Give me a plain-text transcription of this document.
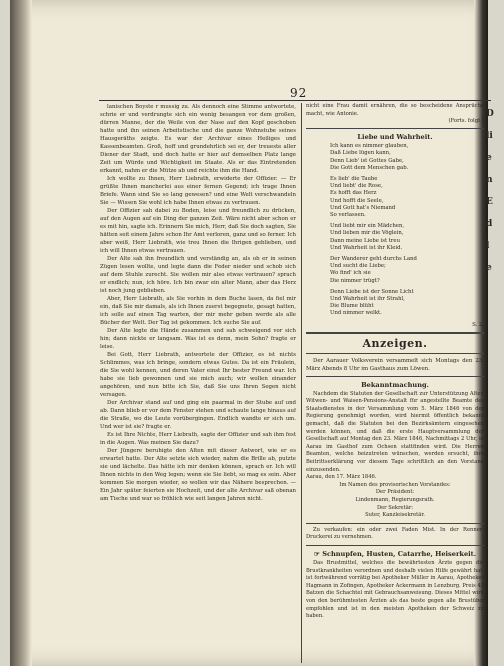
92

lanischen Boyste r mussig zu. Als dennoch eine Stimme antwortete, schrie er und verdrungte sich ein wenig besangen vor dem großen, dürren Manne, der die Weile von der Nase auf den Kopf geschoben hatte und ihn seinen Arbeitstische und die ganze Wohnstube seines Hausgeräths zeigte. Es war der Archivar eines Heiliges und Kassenbeamten. Groß, hoff und grundehrlich sei er, der treueste aller Diener der Stadt, und doch hatte er hier auf demselben Platz lange Zeit um Würde und Wichtigkeit im Staate. Als er das Eintretenden erkannt, nahm er die Mütze ab und reichte ihm die Hand.

Ich wollte zu Ihnen, Herr Liebrath, erwiderte der Offizier. — Er grüßte Ihnen mancherlei aus einer fernen Gegend; ich trage Ihnen Briefe. Wann sind Sie so lang gewesen? und eine Welt verschwandeln Sie — Wissen Sie wohl ich habe Ihnen etwas zu vertrauen.

Der Offizier sah dabei zu Boden, leise und freundlich zu drücken, auf den Augen auf ein Ding der ganzen Zeit. Wäre nicht aber schon er es mit hin, sagte ich. Erinnern Sie mich, Herr, daß Sie doch sagten, Sie hätten seit einem Jahre schon Ihr Amt verloren, ganz und so ferner. Ich aber weiß, Herr Liebrath, wie treu Ihnen die Ihrigen geblieben, und ich will Ihnen etwas vertrauen.

Der Alte sah ihn freundlich und verständig an, als ob er in seinen Zügen lesen wollte, und legte dann die Feder nieder und schob sich auf dem Stuhle zurecht. Sie wollen mir also etwas vertrauen? sprach er endlich; nun, ich höre. Ich bin zwar ein alter Mann, aber das Herz ist noch jung geblieben.

Aber, Herr Liebrath, als Sie vorhin in dem Buche lasen, da fiel mir ein, daß Sie mir damals, als ich Ihnen zuerst begegnete, gesagt hatten, ich solle auf einen Tag warten, der mir mehr geben werde als alle Bücher der Welt. Der Tag ist gekommen. Ich suche Sie auf.

Der Alte legte die Hände zusammen und sah schweigend vor sich hin; dann nickte er langsam. Was ist es denn, mein Sohn? fragte er leise.

Bei Gott, Herr Liebrath, antwortete der Offizier, es ist nichts Schlimmes, was ich bringe, sondern etwas Gutes. Da ist ein Fräulein, die Sie wohl kennen, und deren Vater einst Ihr bester Freund war. Ich habe sie lieb gewonnen und sie mich auch; wir wollen einander angehören, und nun bitte ich Sie, daß Sie uns Ihren Segen nicht versagen.

Der Archivar stand auf und ging ein paarmal in der Stube auf und ab. Dann blieb er vor dem Fenster stehen und schaute lange hinaus auf die Straße, wo die Leute vorübergingen. Endlich wandte er sich um. Und wer ist sie? fragte er.

Es ist Ihre Nichte, Herr Liebrath, sagte der Offizier und sah ihm fest in die Augen. Was meinen Sie dazu?

Der Jüngere beruhigte den Alten mit dieser Antwort, wie er es erwartet hatte. Der Alte setzte sich wieder, nahm die Brille ab, putzte sie und lächelte. Das hätte ich mir denken können, sprach er. Ich will Ihnen nichts in den Weg legen; wenn sie Sie liebt, so mag es sein. Aber kommen Sie morgen wieder, so wollen wir das Nähere besprechen. — Ein Jahr später feierten sie Hochzeit, und der alte Archivar saß obenan am Tische und war so fröhlich wie seit langen Jahren nicht.

nicht eine Frau damit ernähren, die so bescheidene Ansprüche macht, wie Antonie.

(Forts. folgt.)

Liebe und Wahrheit.
Ich kann es nimmer glauben,
Daß Liebe lügen kann,
Denn Lieb' ist Gottes Gabe,
Die Gott dem Menschen gab.
Es lieb' die Taube
Und liebt' die Rose,
Es hofft das Herz
Und hofft die Seele,
Und Gott hat's Niemand
So verlassen.
Und liebt mir ein Mädchen,
Und lieben mir die Vöglein,
Dann meine Liebe ist treu
Und Wahrheit ist ihr Kleid.
Der Wanderer geht durchs Land
Und sucht die Liebe;
Wo find' ich sie
Die nimmer trügt?
Denn Liebe ist der Sonne Licht
Und Wahrheit ist ihr Strahl,
Die Blume blüht
Und nimmer welkt.
S. 2.
Anzeigen.

Der Aarauer Volksverein versammelt sich Montags den 23. März Abends 8 Uhr im Gasthaus zum Löwen.

Bekanntmachung.

Nachdem die Statuten der Gesellschaft zur Unterstützung Alter, Witwen- und Waisen-Pensions-Anstalt für angestellte Beamte des Staatsdienstes in der Versammlung vom 5. März 1846 von der Regierung genehmigt worden, wird hiermit öffentlich bekannt gemacht, daß die Statuten bei den Bezirksämtern eingesehen werden können, und daß die erste Hauptversammlung der Gesellschaft auf Montag den 23. März 1846, Nachmittags 2 Uhr, in Aarau im Gasthof zum Ochsen stattfinden wird. Die Herren Beamten, welche beizutreten wünschen, werden ersucht, ihre Beitrittserklärung vor diesem Tage schriftlich an den Vorstand einzusenden.

Aarau, den 17. März 1846.

Im Namen des provisorischen Vorstandes:

Der Präsident:

Lindenmann, Regierungsrath.

Der Sekretär:

Suter, Kanzleisekretär.

Zu verkaufen: ein oder zwei Faden Mist. In der Renner-Druckerei zu vernehmen.

☞ Schnupfen, Husten, Catarrhe, Heiserkeit.

Das Brustmittel, welches die bewährtesten Ärzte gegen die Brustkrankheiten verordnen und deshalb vielen Hilfe gewährt hat, ist fortwährend vorrätig bei Apotheker Müller in Aarau, Apotheker Hagmann in Zofingen, Apotheker Ackermann in Lenzburg. Preis 45 Batzen die Schachtel mit Gebrauchsanweisung. Dieses Mittel wird von den berühmtesten Ärzten als das beste gegen alle Brustübel empfohlen und ist in den meisten Apotheken der Schweiz zu haben.

D
li
e
n
E
d
l
e
